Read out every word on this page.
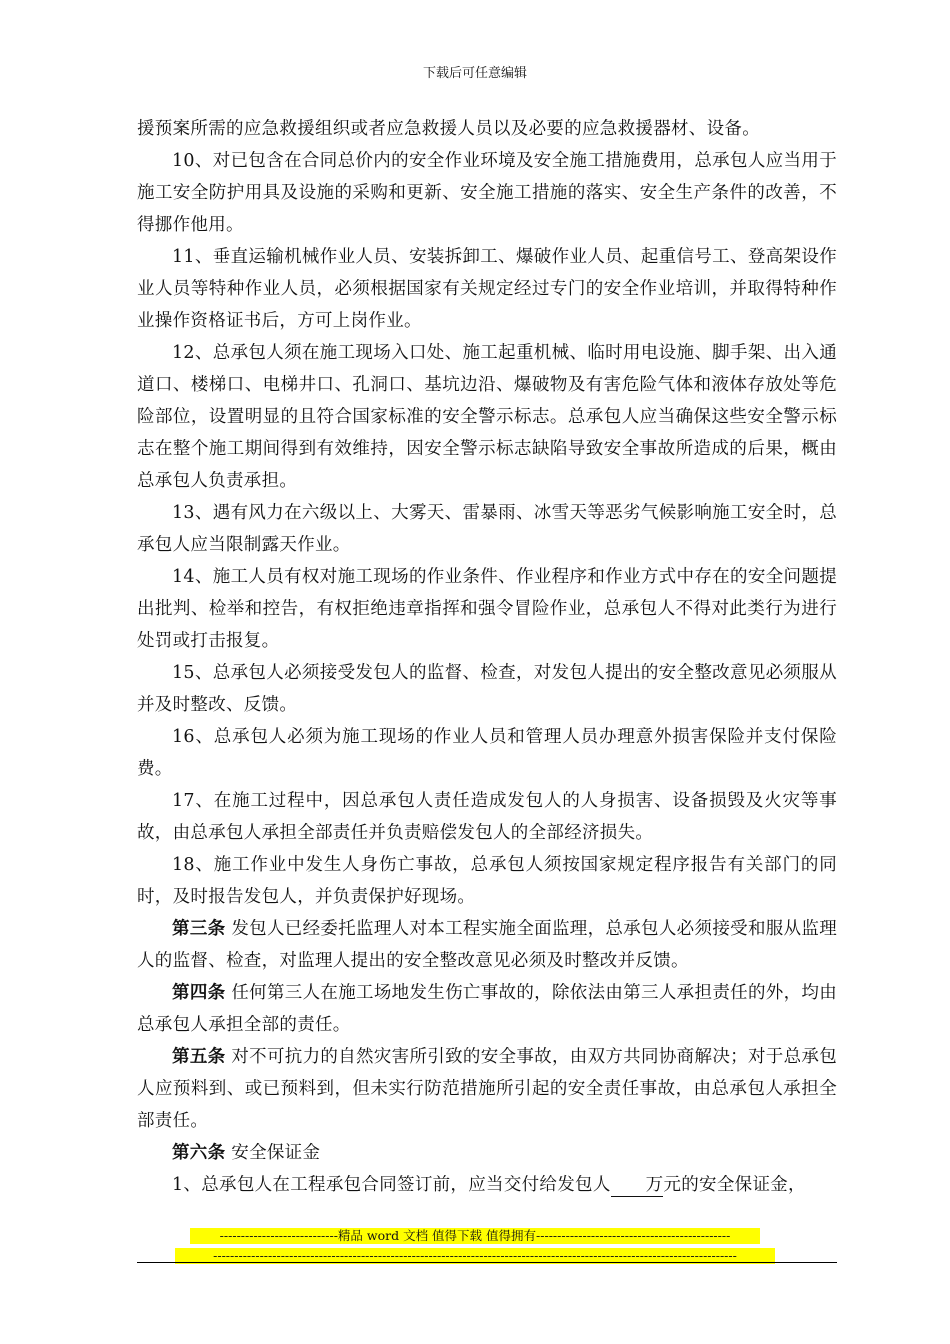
下载后可任意编辑

援预案所需的应急救援组织或者应急救援人员以及必要的应急救援器材、设备。

10、对已包含在合同总价内的安全作业环境及安全施工措施费用，总承包人应当用于施工安全防护用具及设施的采购和更新、安全施工措施的落实、安全生产条件的改善，不得挪作他用。

11、垂直运输机械作业人员、安装拆卸工、爆破作业人员、起重信号工、登高架设作业人员等特种作业人员，必须根据国家有关规定经过专门的安全作业培训，并取得特种作业操作资格证书后，方可上岗作业。

12、总承包人须在施工现场入口处、施工起重机械、临时用电设施、脚手架、出入通道口、楼梯口、电梯井口、孔洞口、基坑边沿、爆破物及有害危险气体和液体存放处等危险部位，设置明显的且符合国家标准的安全警示标志。总承包人应当确保这些安全警示标志在整个施工期间得到有效维持，因安全警示标志缺陷导致安全事故所造成的后果，概由总承包人负责承担。

13、遇有风力在六级以上、大雾天、雷暴雨、冰雪天等恶劣气候影响施工安全时，总承包人应当限制露天作业。

14、施工人员有权对施工现场的作业条件、作业程序和作业方式中存在的安全问题提出批判、检举和控告，有权拒绝违章指挥和强令冒险作业，总承包人不得对此类行为进行处罚或打击报复。

15、总承包人必须接受发包人的监督、检查，对发包人提出的安全整改意见必须服从并及时整改、反馈。

16、总承包人必须为施工现场的作业人员和管理人员办理意外损害保险并支付保险费。

17、在施工过程中，因总承包人责任造成发包人的人身损害、设备损毁及火灾等事故，由总承包人承担全部责任并负责赔偿发包人的全部经济损失。

18、施工作业中发生人身伤亡事故，总承包人须按国家规定程序报告有关部门的同时，及时报告发包人，并负责保护好现场。

第三条 发包人已经委托监理人对本工程实施全面监理，总承包人必须接受和服从监理人的监督、检查，对监理人提出的安全整改意见必须及时整改并反馈。

第四条 任何第三人在施工场地发生伤亡事故的，除依法由第三人承担责任的外，均由总承包人承担全部的责任。

第五条 对不可抗力的自然灾害所引致的安全事故，由双方共同协商解决；对于总承包人应预料到、或已预料到，但未实行防范措施所引起的安全责任事故，由总承包人承担全部责任。

第六条 安全保证金

1、总承包人在工程承包合同签订前，应当交付给发包人 万元的安全保证金，

----------------------------精品 word 文档 值得下载 值得拥有----------------------------------------------
----------------------------------------------------------------------------------------------------------------------------
